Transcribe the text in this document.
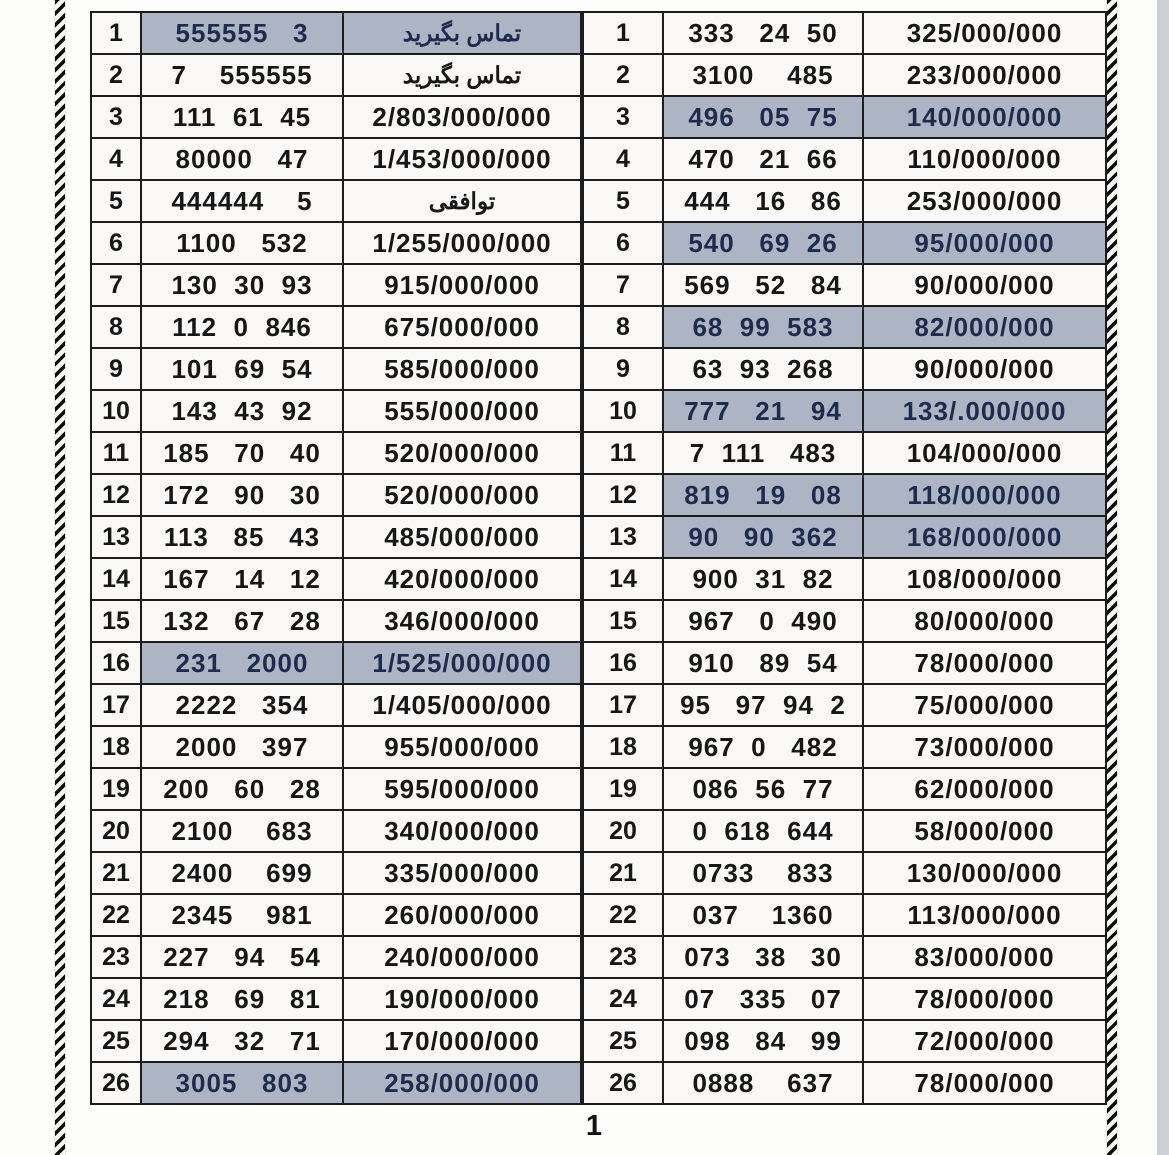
1	555555   3	تماس بگیرید
2	7    555555	تماس بگیرید
3	111  61  45	2/803/000/000
4	80000   47	1/453/000/000
5	444444    5	توافقی
6	1100   532	1/255/000/000
7	130  30  93	915/000/000
8	112  0  846	675/000/000
9	101  69  54	585/000/000
10	143  43  92	555/000/000
11	185   70   40	520/000/000
12	172   90   30	520/000/000
13	113   85   43	485/000/000
14	167   14   12	420/000/000
15	132   67   28	346/000/000
16	231   2000	1/525/000/000
17	2222   354	1/405/000/000
18	2000   397	955/000/000
19	200   60   28	595/000/000
20	2100    683	340/000/000
21	2400    699	335/000/000
22	2345    981	260/000/000
23	227   94   54	240/000/000
24	218   69   81	190/000/000
25	294   32   71	170/000/000
26	3005   803	258/000/000
1	333   24  50	325/000/000
2	3100    485	233/000/000
3	496   05  75	140/000/000
4	470   21  66	110/000/000
5	444   16   86	253/000/000
6	540   69  26	95/000/000
7	569   52   84	90/000/000
8	68  99  583	82/000/000
9	63  93  268	90/000/000
10	777   21   94	133/.000/000
11	7  111   483	104/000/000
12	819   19   08	118/000/000
13	90   90  362	168/000/000
14	900  31  82	108/000/000
15	967   0  490	80/000/000
16	910   89  54	78/000/000
17	95   97  94  2	75/000/000
18	967  0   482	73/000/000
19	086  56  77	62/000/000
20	0  618  644	58/000/000
21	0733    833	130/000/000
22	037    1360	113/000/000
23	073   38   30	83/000/000
24	07   335   07	78/000/000
25	098   84   99	72/000/000
26	0888    637	78/000/000
1
